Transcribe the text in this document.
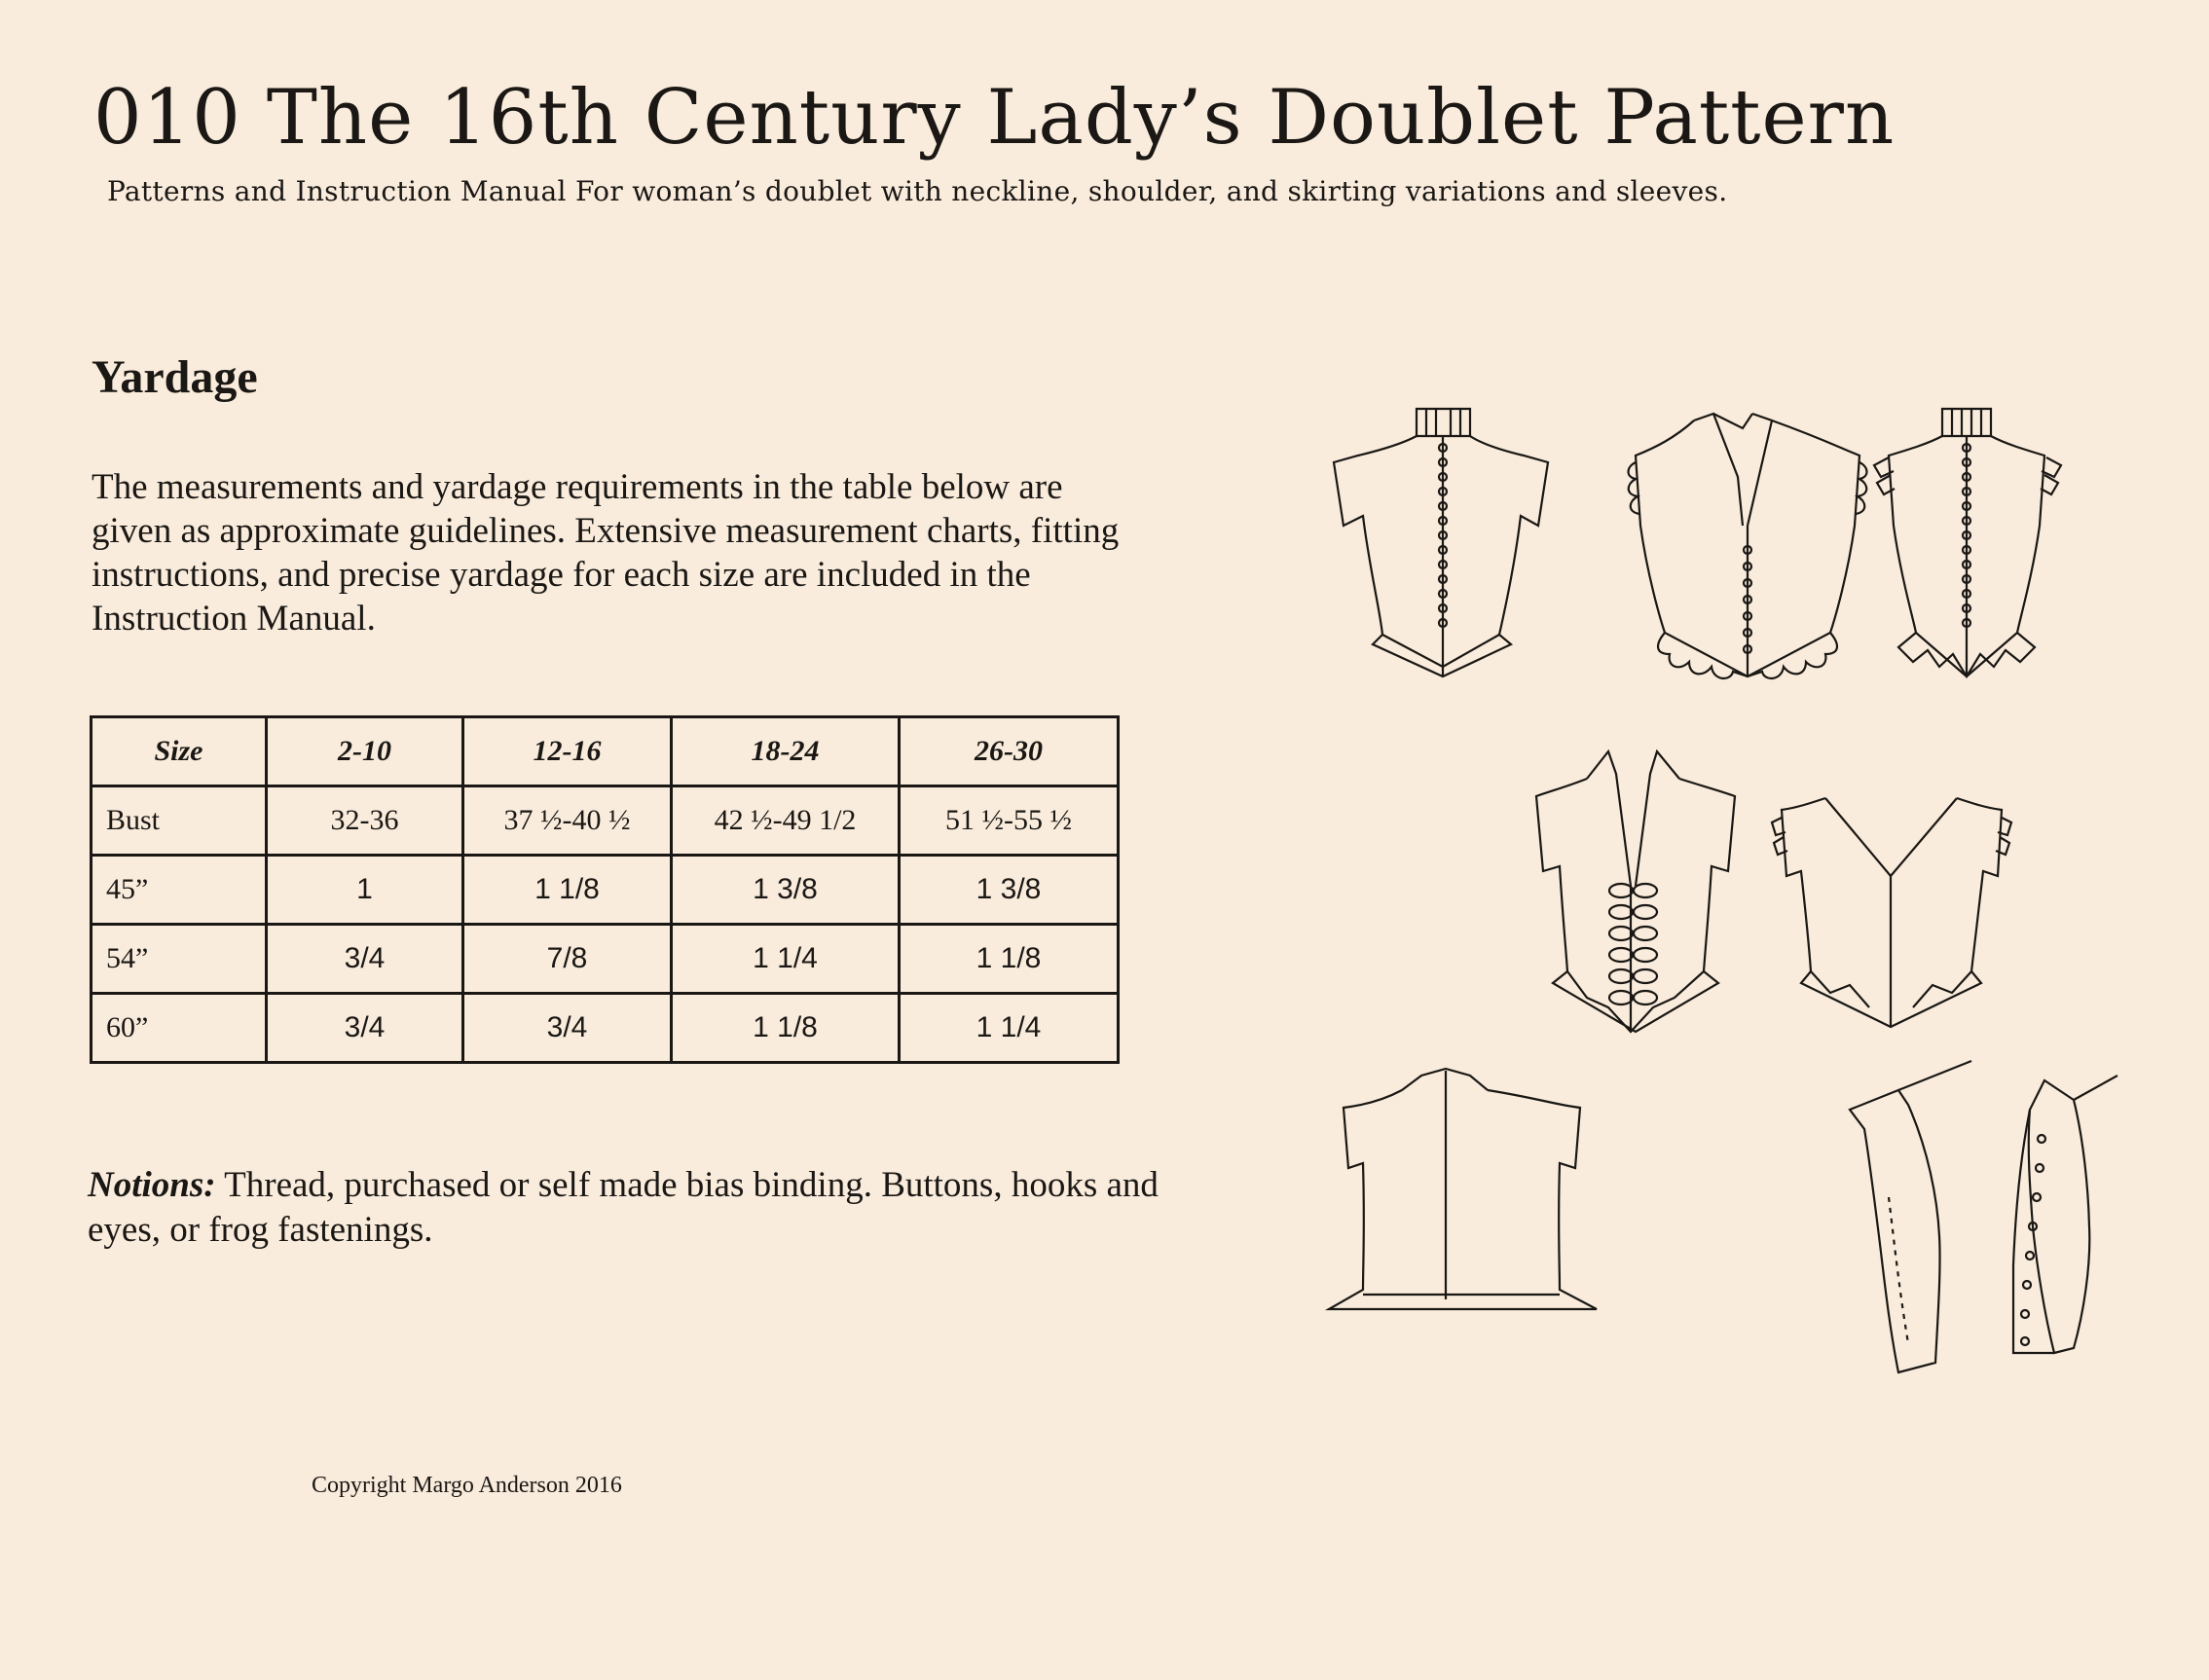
010 The 16th Century Lady’s Doublet Pattern
Patterns and Instruction Manual For woman’s doublet with neckline, shoulder, and skirting variations and sleeves.
Yardage
The measurements and yardage requirements in the table below are given as approximate guidelines. Extensive measurement charts, fitting instructions, and precise yardage for each size are included in the Instruction Manual.
Size	2-10	12-16	18-24	26-30
Bust	32-36	37 ½-40 ½	42 ½-49 1/2	51 ½-55 ½
45”	1	1 1/8	1 3/8	1 3/8
54”	3/4	7/8	1 1/4	1 1/8
60”	3/4	3/4	1 1/8	1 1/4
Notions: Thread, purchased or self made bias binding. Buttons, hooks and eyes, or frog fastenings.
Copyright Margo Anderson 2016
